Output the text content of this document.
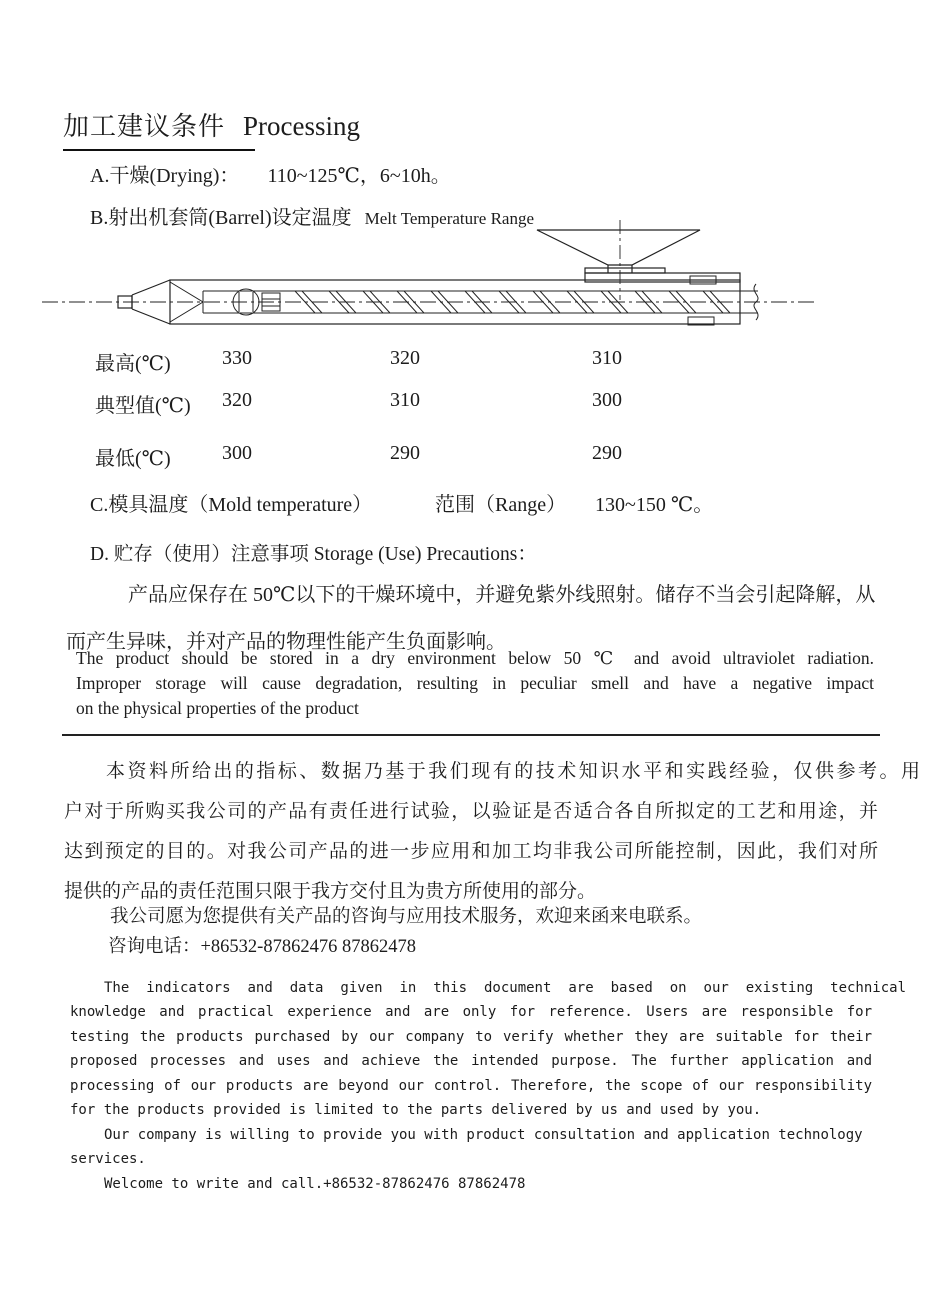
加工建议条件 Processing
A.干燥(Drying)： 110~125℃，6~10h。
B.射出机套筒(Barrel)设定温度 Melt Temperature Range
最高(℃)	330	320	310
典型值(℃) 320	310	300
最低(℃)	300	290	290
C.模具温度（Mold temperature）	范围（Range） 130~150 ℃。
D. 贮存（使用）注意事项 Storage (Use) Precautions：
产品应保存在 50℃以下的干燥环境中，并避免紫外线照射。储存不当会引起降解，从
而产生异味，并对产品的物理性能产生负面影响。
The product should be stored in a dry environment below 50 ℃ and avoid ultraviolet radiation.
Improper storage will cause degradation, resulting in peculiar smell and have a negative impact
on the physical properties of the product
本资料所给出的指标、数据乃基于我们现有的技术知识水平和实践经验，仅供参考。用
户对于所购买我公司的产品有责任进行试验，以验证是否适合各自所拟定的工艺和用途，并
达到预定的目的。对我公司产品的进一步应用和加工均非我公司所能控制，因此，我们对所
提供的产品的责任范围只限于我方交付且为贵方所使用的部分。
我公司愿为您提供有关产品的咨询与应用技术服务，欢迎来函来电联系。
咨询电话：+86532-87862476 87862478
The indicators and data given in this document are based on our existing technical
knowledge and practical experience and are only for reference. Users are responsible for
testing the products purchased by our company to verify whether they are suitable for their
proposed processes and uses and achieve the intended purpose. The further application and
processing of our products are beyond our control. Therefore, the scope of our responsibility
for the products provided is limited to the parts delivered by us and used by you.
Our company is willing to provide you with product consultation and application technology
services.
Welcome to write and call.+86532-87862476 87862478
